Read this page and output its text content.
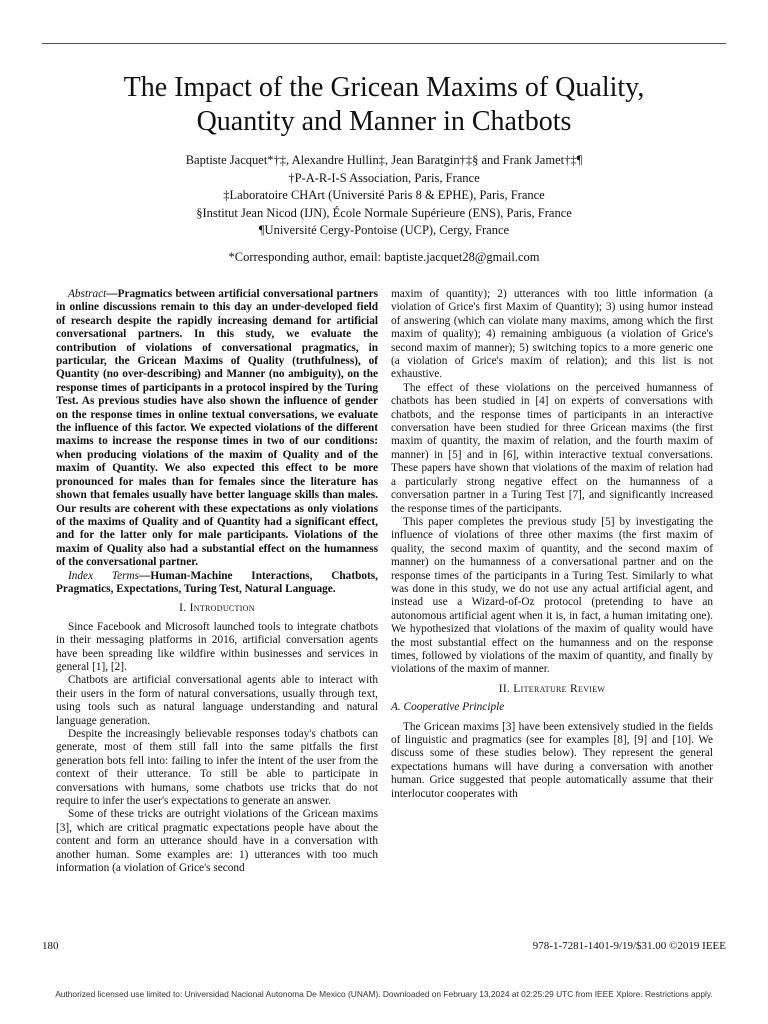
The Impact of the Gricean Maxims of Quality,
Quantity and Manner in Chatbots
Baptiste Jacquet*†‡, Alexandre Hullin‡, Jean Baratgin†‡§ and Frank Jamet†‡¶
†P-A-R-I-S Association, Paris, France
‡Laboratoire CHArt (Université Paris 8 & EPHE), Paris, France
§Institut Jean Nicod (IJN), École Normale Supérieure (ENS), Paris, France
¶Université Cergy-Pontoise (UCP), Cergy, France
*Corresponding author, email: baptiste.jacquet28@gmail.com

Abstract—Pragmatics between artificial conversational partners in online discussions remain to this day an under-developed field of research despite the rapidly increasing demand for artificial conversational partners. In this study, we evaluate the contribution of violations of conversational pragmatics, in particular, the Gricean Maxims of Quality (truthfulness), of Quantity (no over-describing) and Manner (no ambiguity), on the response times of participants in a protocol inspired by the Turing Test. As previous studies have also shown the influence of gender on the response times in online textual conversations, we evaluate the influence of this factor. We expected violations of the different maxims to increase the response times in two of our conditions: when producing violations of the maxim of Quality and of the maxim of Quantity. We also expected this effect to be more pronounced for males than for females since the literature has shown that females usually have better language skills than males. Our results are coherent with these expectations as only violations of the maxims of Quality and of Quantity had a significant effect, and for the latter only for male participants. Violations of the maxim of Quality also had a substantial effect on the humanness of the conversational partner.

Index Terms—Human-Machine Interactions, Chatbots, Pragmatics, Expectations, Turing Test, Natural Language.

I. Introduction

Since Facebook and Microsoft launched tools to integrate chatbots in their messaging platforms in 2016, artificial conversation agents have been spreading like wildfire within businesses and services in general [1], [2].

Chatbots are artificial conversational agents able to interact with their users in the form of natural conversations, usually through text, using tools such as natural language understanding and natural language generation.

Despite the increasingly believable responses today's chatbots can generate, most of them still fall into the same pitfalls the first generation bots fell into: failing to infer the intent of the user from the context of their utterance. To still be able to participate in conversations with humans, some chatbots use tricks that do not require to infer the user's expectations to generate an answer.

Some of these tricks are outright violations of the Gricean maxims [3], which are critical pragmatic expectations people have about the content and form an utterance should have in a conversation with another human. Some examples are: 1) utterances with too much information (a violation of Grice's second

maxim of quantity); 2) utterances with too little information (a violation of Grice's first Maxim of Quantity); 3) using humor instead of answering (which can violate many maxims, among which the first maxim of quality); 4) remaining ambiguous (a violation of Grice's second maxim of manner); 5) switching topics to a more generic one (a violation of Grice's maxim of relation); and this list is not exhaustive.

The effect of these violations on the perceived humanness of chatbots has been studied in [4] on experts of conversations with chatbots, and the response times of participants in an interactive conversation have been studied for three Gricean maxims (the first maxim of quantity, the maxim of relation, and the fourth maxim of manner) in [5] and in [6], within interactive textual conversations. These papers have shown that violations of the maxim of relation had a particularly strong negative effect on the humanness of a conversation partner in a Turing Test [7], and significantly increased the response times of the participants.

This paper completes the previous study [5] by investigating the influence of violations of three other maxims (the first maxim of quality, the second maxim of quantity, and the second maxim of manner) on the humanness of a conversational partner and on the response times of the participants in a Turing Test. Similarly to what was done in this study, we do not use any actual artificial agent, and instead use a Wizard-of-Oz protocol (pretending to have an autonomous artificial agent when it is, in fact, a human imitating one). We hypothesized that violations of the maxim of quality would have the most substantial effect on the humanness and on the response times, followed by violations of the maxim of quantity, and finally by violations of the maxim of manner.

II. Literature Review
A. Cooperative Principle

The Gricean maxims [3] have been extensively studied in the fields of linguistic and pragmatics (see for examples [8], [9] and [10]. We discuss some of these studies below). They represent the general expectations humans will have during a conversation with another human. Grice suggested that people automatically assume that their interlocutor cooperates with

180	978-1-7281-1401-9/19/$31.00 ©2019 IEEE
Authorized licensed use limited to: Universidad Nacional Autonoma De Mexico (UNAM). Downloaded on February 13,2024 at 02:25:29 UTC from IEEE Xplore. Restrictions apply.
